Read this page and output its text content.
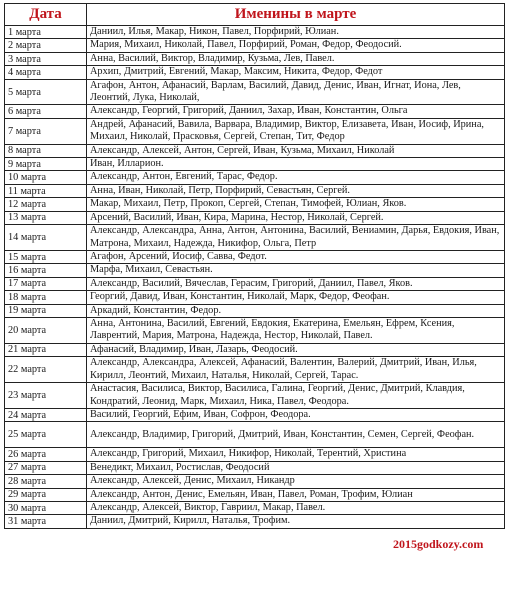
Дата	Именины в марте
1 марта	Даниил, Илья, Макар, Никон, Павел, Порфирий, Юлиан.
2 марта	Мария, Михаил, Николай, Павел, Порфирий, Роман, Федор, Феодосий.
3 марта	Анна, Василий, Виктор, Владимир, Кузьма, Лев, Павел.
4 марта	Архип, Дмитрий, Евгений, Макар, Максим, Никита, Федор, Федот
5 марта	Агафон, Антон, Афанасий, Варлам, Василий, Давид, Денис, Иван, Игнат, Иона, Лев, Леонтий, Лука, Николай,
6 марта	Александр, Георгий, Григорий, Даниил, Захар, Иван, Константин, Ольга
7 марта	Андрей, Афанасий, Вавила, Варвара, Владимир, Виктор, Елизавета, Иван, Иосиф, Ирина, Михаил, Николай, Прасковья, Сергей, Степан, Тит, Федор
8 марта	Александр, Алексей, Антон, Сергей, Иван, Кузьма, Михаил, Николай
9 марта	Иван, Илларион.
10 марта	Александр, Антон, Евгений, Тарас, Федор.
11 марта	Анна, Иван, Николай, Петр, Порфирий, Севастьян, Сергей.
12 марта	Макар, Михаил, Петр, Прокоп, Сергей, Степан, Тимофей, Юлиан, Яков.
13 марта	Арсений, Василий, Иван, Кира, Марина, Нестор, Николай, Сергей.
14 марта	Александр, Александра, Анна, Антон, Антонина, Василий, Вениамин, Дарья, Евдокия, Иван, Матрона, Михаил, Надежда, Никифор, Ольга, Петр
15 марта	Агафон, Арсений, Иосиф, Савва, Федот.
16 марта	Марфа, Михаил, Севастьян.
17 марта	Александр, Василий, Вячеслав, Герасим, Григорий, Даниил, Павел, Яков.
18 марта	Георгий, Давид, Иван, Константин, Николай, Марк, Федор, Феофан.
19 марта	Аркадий, Константин, Федор.
20 марта	Анна, Антонина, Василий, Евгений, Евдокия, Екатерина, Емельян, Ефрем, Ксения, Лаврентий, Мария, Матрона, Надежда, Нестор, Николай, Павел.
21 марта	Афанасий, Владимир, Иван, Лазарь, Феодосий.
22 марта	Александр, Александра, Алексей, Афанасий, Валентин, Валерий, Дмитрий, Иван, Илья, Кирилл, Леонтий, Михаил, Наталья, Николай, Сергей, Тарас.
23 марта	Анастасия, Василиса, Виктор, Василиса, Галина, Георгий, Денис, Дмитрий, Клавдия, Кондратий, Леонид, Марк, Михаил, Ника, Павел, Феодора.
24 марта	Василий, Георгий, Ефим, Иван, Софрон, Феодора.
25 марта	Александр, Владимир, Григорий, Дмитрий, Иван, Константин, Семен, Сергей, Феофан.
26 марта	Александр, Григорий, Михаил, Никифор, Николай, Терентий, Христина
27 марта	Венедикт, Михаил, Ростислав, Феодосий
28 марта	Александр, Алексей, Денис, Михаил, Никандр
29 марта	Александр, Антон, Денис, Емельян, Иван, Павел, Роман, Трофим, Юлиан
30 марта	Александр, Алексей, Виктор, Гавриил, Макар, Павел.
31 марта	Даниил, Дмитрий, Кирилл, Наталья, Трофим.
2015godkozy.com
